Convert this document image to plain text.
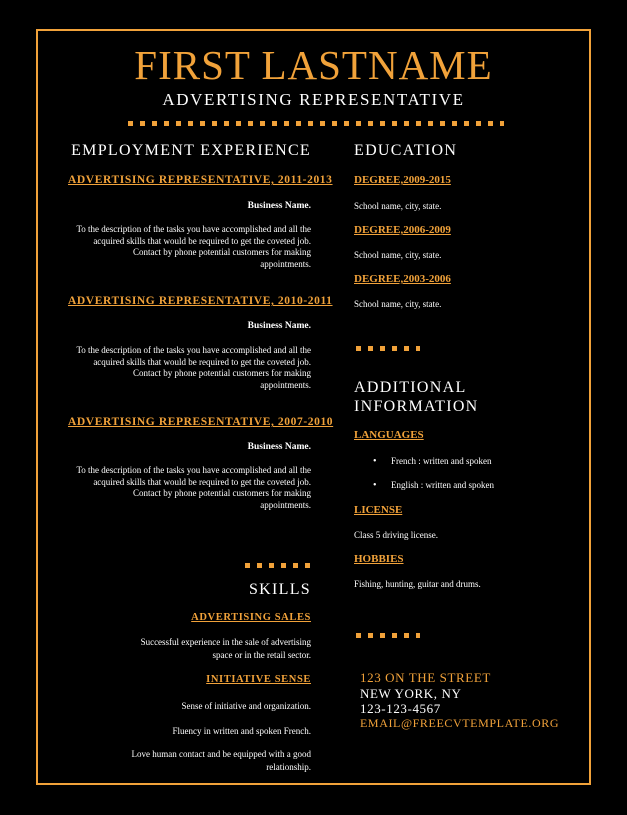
FIRST LASTNAME
ADVERTISING REPRESENTATIVE
EMPLOYMENT EXPERIENCE
ADVERTISING REPRESENTATIVE, 2011-2013
Business Name.

To the description of the tasks you have accomplished and all the acquired skills that would be required to get the coveted job.

Contact by phone potential customers for making appointments.

ADVERTISING REPRESENTATIVE, 2010-2011
Business Name.

To the description of the tasks you have accomplished and all the acquired skills that would be required to get the coveted job.

Contact by phone potential customers for making appointments.

ADVERTISING REPRESENTATIVE, 2007-2010
Business Name.

To the description of the tasks you have accomplished and all the acquired skills that would be required to get the coveted job.

Contact by phone potential customers for making appointments.

SKILLS
ADVERTISING SALES
Successful experience in the sale of advertising
space or in the retail sector.
INITIATIVE SENSE
Sense of initiative and organization.
Fluency in written and spoken French.
Love human contact and be equipped with a good
relationship.
EDUCATION
DEGREE,2009-2015
School name, city, state.
DEGREE,2006-2009
School name, city, state.
DEGREE,2003-2006
School name, city, state.
ADDITIONAL
INFORMATION
LANGUAGES
• French : written and spoken
• English : written and spoken
LICENSE
Class 5 driving license.
HOBBIES
Fishing, hunting, guitar and drums.
123 ON THE STREET
NEW YORK, NY
123-123-4567
EMAIL@FREECVTEMPLATE.ORG
